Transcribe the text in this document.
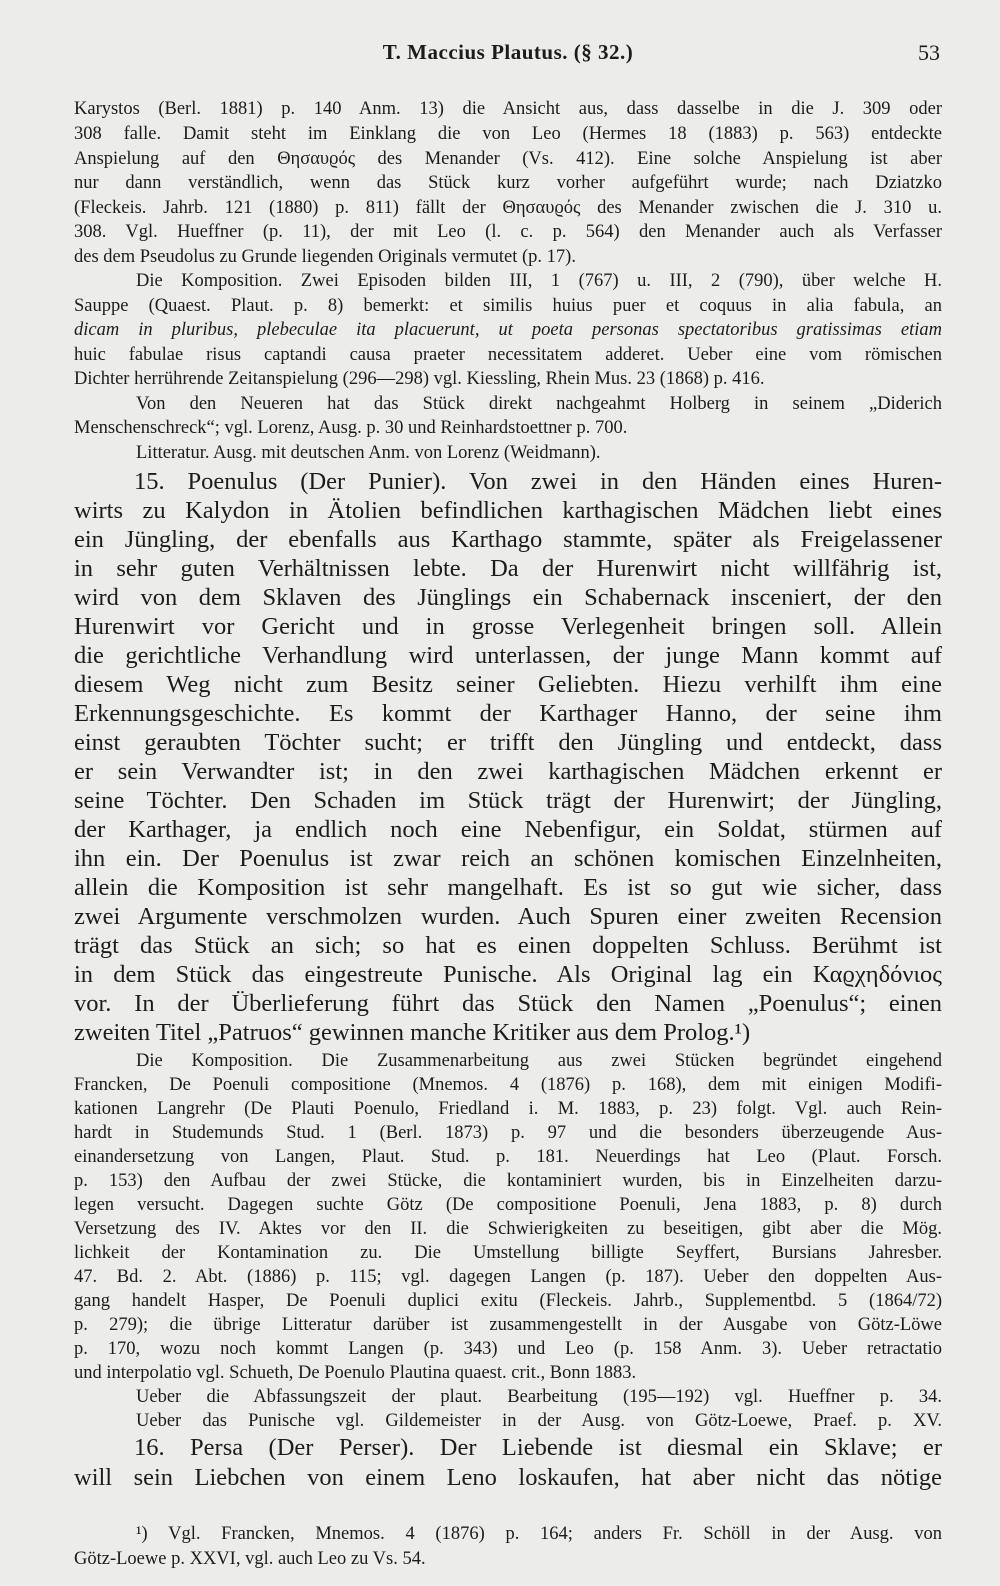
T. Maccius Plautus. (§ 32.)	53
Karystos (Berl. 1881) p. 140 Anm. 13) die Ansicht aus, dass dasselbe in die J. 309 oder
308 falle. Damit steht im Einklang die von Leo (Hermes 18 (1883) p. 563) entdeckte
Anspielung auf den Θησαυϱός des Menander (Vs. 412). Eine solche Anspielung ist aber
nur dann verständlich, wenn das Stück kurz vorher aufgeführt wurde; nach Dziatzko
(Fleckeis. Jahrb. 121 (1880) p. 811) fällt der Θησαυϱός des Menander zwischen die J. 310 u.
308. Vgl. Hueffner (p. 11), der mit Leo (l. c. p. 564) den Menander auch als Verfasser
des dem Pseudolus zu Grunde liegenden Originals vermutet (p. 17).
Die Komposition. Zwei Episoden bilden III, 1 (767) u. III, 2 (790), über welche H.
Sauppe (Quaest. Plaut. p. 8) bemerkt: et similis huius puer et coquus in alia fabula, an
dicam in pluribus, plebeculae ita placuerunt, ut poeta personas spectatoribus gratissimas etiam
huic fabulae risus captandi causa praeter necessitatem adderet. Ueber eine vom römischen
Dichter herrührende Zeitanspielung (296—298) vgl. Kiessling, Rhein Mus. 23 (1868) p. 416.
Von den Neueren hat das Stück direkt nachgeahmt Holberg in seinem „Diderich
Menschenschreck“; vgl. Lorenz, Ausg. p. 30 und Reinhardstoettner p. 700.
Litteratur. Ausg. mit deutschen Anm. von Lorenz (Weidmann).
15. Poenulus (Der Punier). Von zwei in den Händen eines Huren-
wirts zu Kalydon in Ätolien befindlichen karthagischen Mädchen liebt eines
ein Jüngling, der ebenfalls aus Karthago stammte, später als Freigelassener
in sehr guten Verhältnissen lebte. Da der Hurenwirt nicht willfährig ist,
wird von dem Sklaven des Jünglings ein Schabernack insceniert, der den
Hurenwirt vor Gericht und in grosse Verlegenheit bringen soll. Allein
die gerichtliche Verhandlung wird unterlassen, der junge Mann kommt auf
diesem Weg nicht zum Besitz seiner Geliebten. Hiezu verhilft ihm eine
Erkennungsgeschichte. Es kommt der Karthager Hanno, der seine ihm
einst geraubten Töchter sucht; er trifft den Jüngling und entdeckt, dass
er sein Verwandter ist; in den zwei karthagischen Mädchen erkennt er
seine Töchter. Den Schaden im Stück trägt der Hurenwirt; der Jüngling,
der Karthager, ja endlich noch eine Nebenfigur, ein Soldat, stürmen auf
ihn ein. Der Poenulus ist zwar reich an schönen komischen Einzelnheiten,
allein die Komposition ist sehr mangelhaft. Es ist so gut wie sicher, dass
zwei Argumente verschmolzen wurden. Auch Spuren einer zweiten Recension
trägt das Stück an sich; so hat es einen doppelten Schluss. Berühmt ist
in dem Stück das eingestreute Punische. Als Original lag ein Καϱχηδόνιος
vor. In der Überlieferung führt das Stück den Namen „Poenulus“; einen
zweiten Titel „Patruos“ gewinnen manche Kritiker aus dem Prolog.¹)
Die Komposition. Die Zusammenarbeitung aus zwei Stücken begründet eingehend
Francken, De Poenuli compositione (Mnemos. 4 (1876) p. 168), dem mit einigen Modifi-
kationen Langrehr (De Plauti Poenulo, Friedland i. M. 1883, p. 23) folgt. Vgl. auch Rein-
hardt in Studemunds Stud. 1 (Berl. 1873) p. 97 und die besonders überzeugende Aus-
einandersetzung von Langen, Plaut. Stud. p. 181. Neuerdings hat Leo (Plaut. Forsch.
p. 153) den Aufbau der zwei Stücke, die kontaminiert wurden, bis in Einzelheiten darzu-
legen versucht. Dagegen suchte Götz (De compositione Poenuli, Jena 1883, p. 8) durch
Versetzung des IV. Aktes vor den II. die Schwierigkeiten zu beseitigen, gibt aber die Mög.
lichkeit der Kontamination zu. Die Umstellung billigte Seyffert, Bursians Jahresber.
47. Bd. 2. Abt. (1886) p. 115; vgl. dagegen Langen (p. 187). Ueber den doppelten Aus-
gang handelt Hasper, De Poenuli duplici exitu (Fleckeis. Jahrb., Supplementbd. 5 (1864/72)
p. 279); die übrige Litteratur darüber ist zusammengestellt in der Ausgabe von Götz-Löwe
p. 170, wozu noch kommt Langen (p. 343) und Leo (p. 158 Anm. 3). Ueber retractatio
und interpolatio vgl. Schueth, De Poenulo Plautina quaest. crit., Bonn 1883.
Ueber die Abfassungszeit der plaut. Bearbeitung (195—192) vgl. Hueffner p. 34.
Ueber das Punische vgl. Gildemeister in der Ausg. von Götz-Loewe, Praef. p. XV.
16. Persa (Der Perser). Der Liebende ist diesmal ein Sklave; er
will sein Liebchen von einem Leno loskaufen, hat aber nicht das nötige
¹) Vgl. Francken, Mnemos. 4 (1876) p. 164; anders Fr. Schöll in der Ausg. von
Götz-Loewe p. XXVI, vgl. auch Leo zu Vs. 54.
